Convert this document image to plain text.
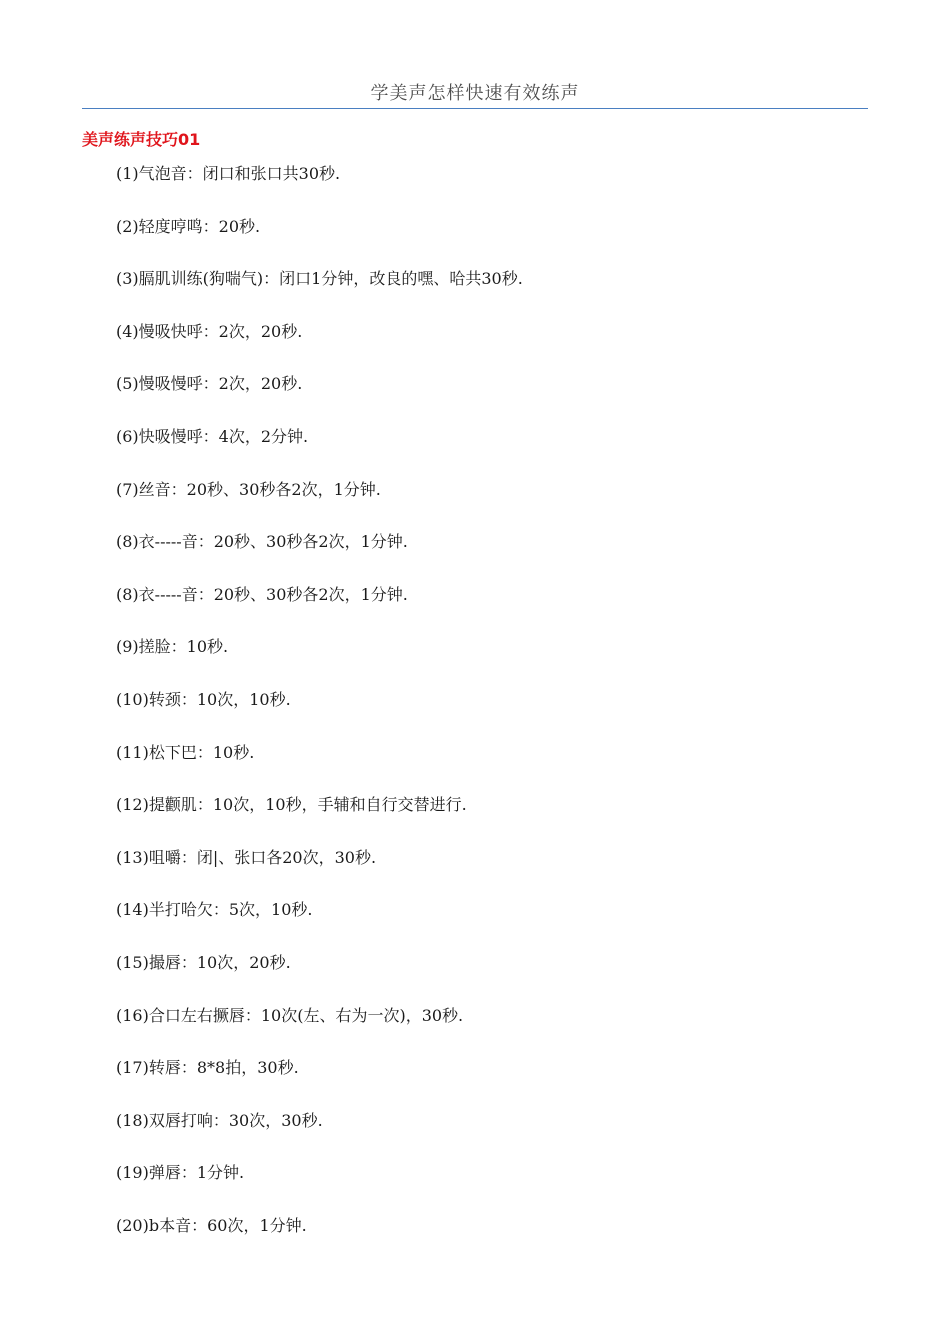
学美声怎样快速有效练声
美声练声技巧01
(1)气泡音：闭口和张口共30秒.
(2)轻度哼鸣：20秒.
(3)膈肌训练(狗喘气)：闭口1分钟，改良的嘿、哈共30秒.
(4)慢吸快呼：2次，20秒.
(5)慢吸慢呼：2次，20秒.
(6)快吸慢呼：4次，2分钟.
(7)丝音：20秒、30秒各2次，1分钟.
(8)衣-----音：20秒、30秒各2次，1分钟.
(8)衣-----音：20秒、30秒各2次，1分钟.
(9)搓脸：10秒.
(10)转颈：10次，10秒.
(11)松下巴：10秒.
(12)提颧肌：10次，10秒，手辅和自行交替进行.
(13)咀嚼：闭|、张口各20次，30秒.
(14)半打哈欠：5次，10秒.
(15)撮唇：10次，20秒.
(16)合口左右撅唇：10次(左、右为一次)，30秒.
(17)转唇：8*8拍，30秒.
(18)双唇打响：30次，30秒.
(19)弹唇：1分钟.
(20)b本音：60次，1分钟.
